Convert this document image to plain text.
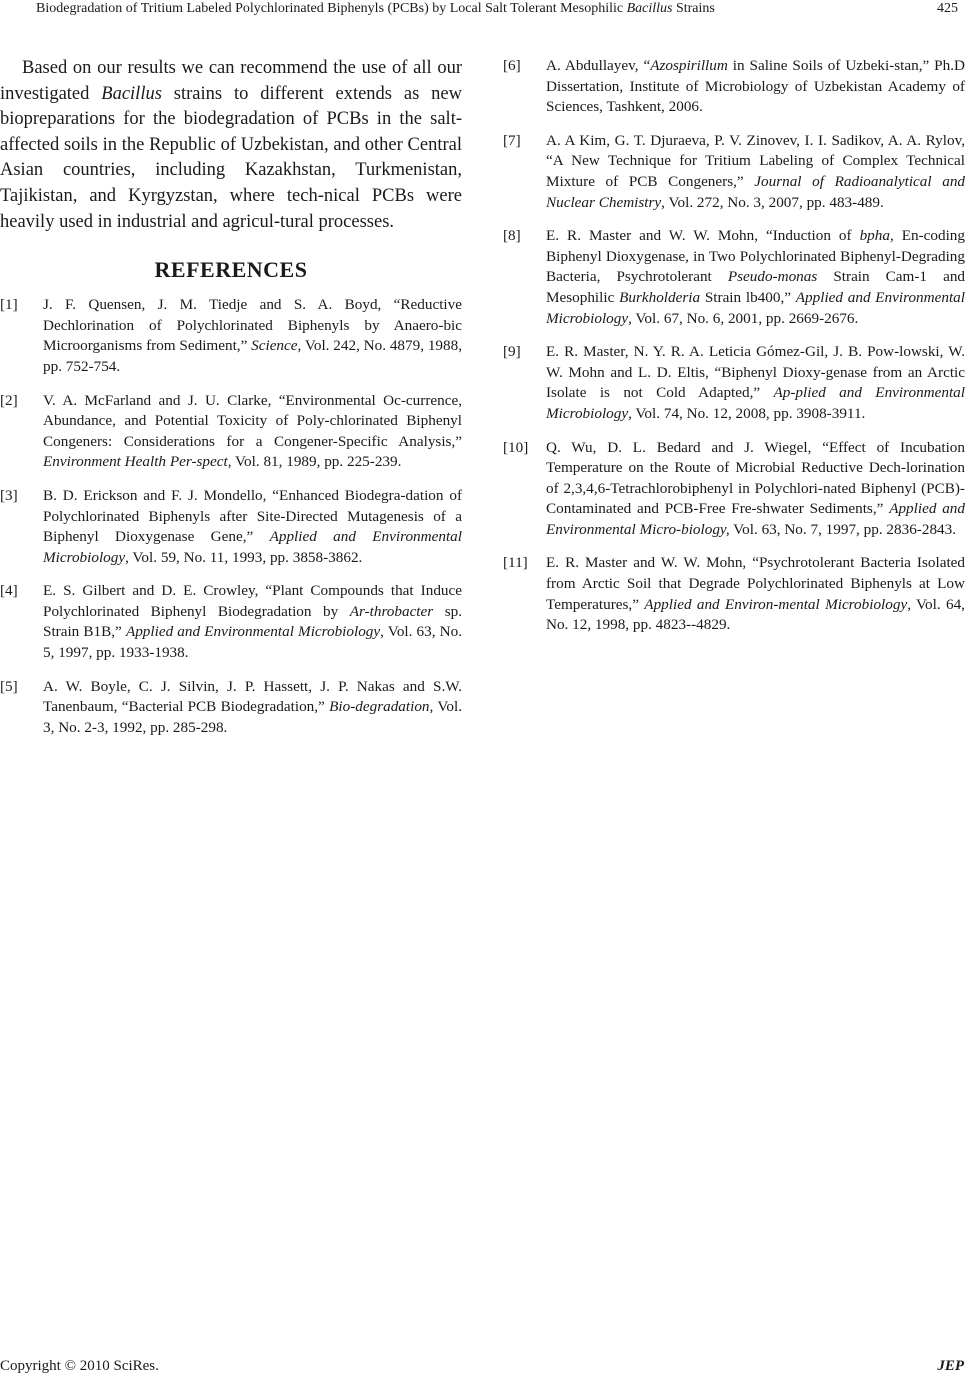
Biodegradation of Tritium Labeled Polychlorinated Biphenyls (PCBs) by Local Salt Tolerant Mesophilic Bacillus Strains	425

Based on our results we can recommend the use of all our investigated Bacillus strains to different extends as new biopreparations for the biodegradation of PCBs in the salt-affected soils in the Republic of Uzbekistan, and other Central Asian countries, including Kazakhstan, Turkmenistan, Tajikistan, and Kyrgyzstan, where tech-nical PCBs were heavily used in industrial and agricul-tural processes.

REFERENCES
[1] J. F. Quensen, J. M. Tiedje and S. A. Boyd, “Reductive Dechlorination of Polychlorinated Biphenyls by Anaero-bic Microorganisms from Sediment,” Science, Vol. 242, No. 4879, 1988, pp. 752-754.
[2] V. A. McFarland and J. U. Clarke, “Environmental Oc-currence, Abundance, and Potential Toxicity of Poly-chlorinated Biphenyl Congeners: Considerations for a Congener-Specific Analysis,” Environment Health Per-spect, Vol. 81, 1989, pp. 225-239.
[3] B. D. Erickson and F. J. Mondello, “Enhanced Biodegra-dation of Polychlorinated Biphenyls after Site-Directed Mutagenesis of a Biphenyl Dioxygenase Gene,” Applied and Environmental Microbiology, Vol. 59, No. 11, 1993, pp. 3858-3862.
[4] E. S. Gilbert and D. E. Crowley, “Plant Compounds that Induce Polychlorinated Biphenyl Biodegradation by Ar-throbacter sp. Strain B1B,” Applied and Environmental Microbiology, Vol. 63, No. 5, 1997, pp. 1933-1938.
[5] A. W. Boyle, C. J. Silvin, J. P. Hassett, J. P. Nakas and S.W. Tanenbaum, “Bacterial PCB Biodegradation,” Bio-degradation, Vol. 3, No. 2-3, 1992, pp. 285-298.
[6] A. Abdullayev, “Azospirillum in Saline Soils of Uzbeki-stan,” Ph.D Dissertation, Institute of Microbiology of Uzbekistan Academy of Sciences, Tashkent, 2006.
[7] A. A Kim, G. T. Djuraeva, P. V. Zinovev, I. I. Sadikov, A. A. Rylov, “A New Technique for Tritium Labeling of Complex Technical Mixture of PCB Congeners,” Journal of Radioanalytical and Nuclear Chemistry, Vol. 272, No. 3, 2007, pp. 483-489.
[8] E. R. Master and W. W. Mohn, “Induction of bpha, En-coding Biphenyl Dioxygenase, in Two Polychlorinated Biphenyl-Degrading Bacteria, Psychrotolerant Pseudo-monas Strain Cam-1 and Mesophilic Burkholderia Strain lb400,” Applied and Environmental Microbiology, Vol. 67, No. 6, 2001, pp. 2669-2676.
[9] E. R. Master, N. Y. R. A. Leticia Gómez-Gil, J. B. Pow-lowski, W. W. Mohn and L. D. Eltis, “Biphenyl Dioxy-genase from an Arctic Isolate is not Cold Adapted,” Ap-plied and Environmental Microbiology, Vol. 74, No. 12, 2008, pp. 3908-3911.
[10] Q. Wu, D. L. Bedard and J. Wiegel, “Effect of Incubation Temperature on the Route of Microbial Reductive Dech-lorination of 2,3,4,6-Tetrachlorobiphenyl in Polychlori-nated Biphenyl (PCB)-Contaminated and PCB-Free Fre-shwater Sediments,” Applied and Environmental Micro-biology, Vol. 63, No. 7, 1997, pp. 2836-2843.
[11] E. R. Master and W. W. Mohn, “Psychrotolerant Bacteria Isolated from Arctic Soil that Degrade Polychlorinated Biphenyls at Low Temperatures,” Applied and Environ-mental Microbiology, Vol. 64, No. 12, 1998, pp. 4823--4829.
Copyright © 2010 SciRes.	JEP
